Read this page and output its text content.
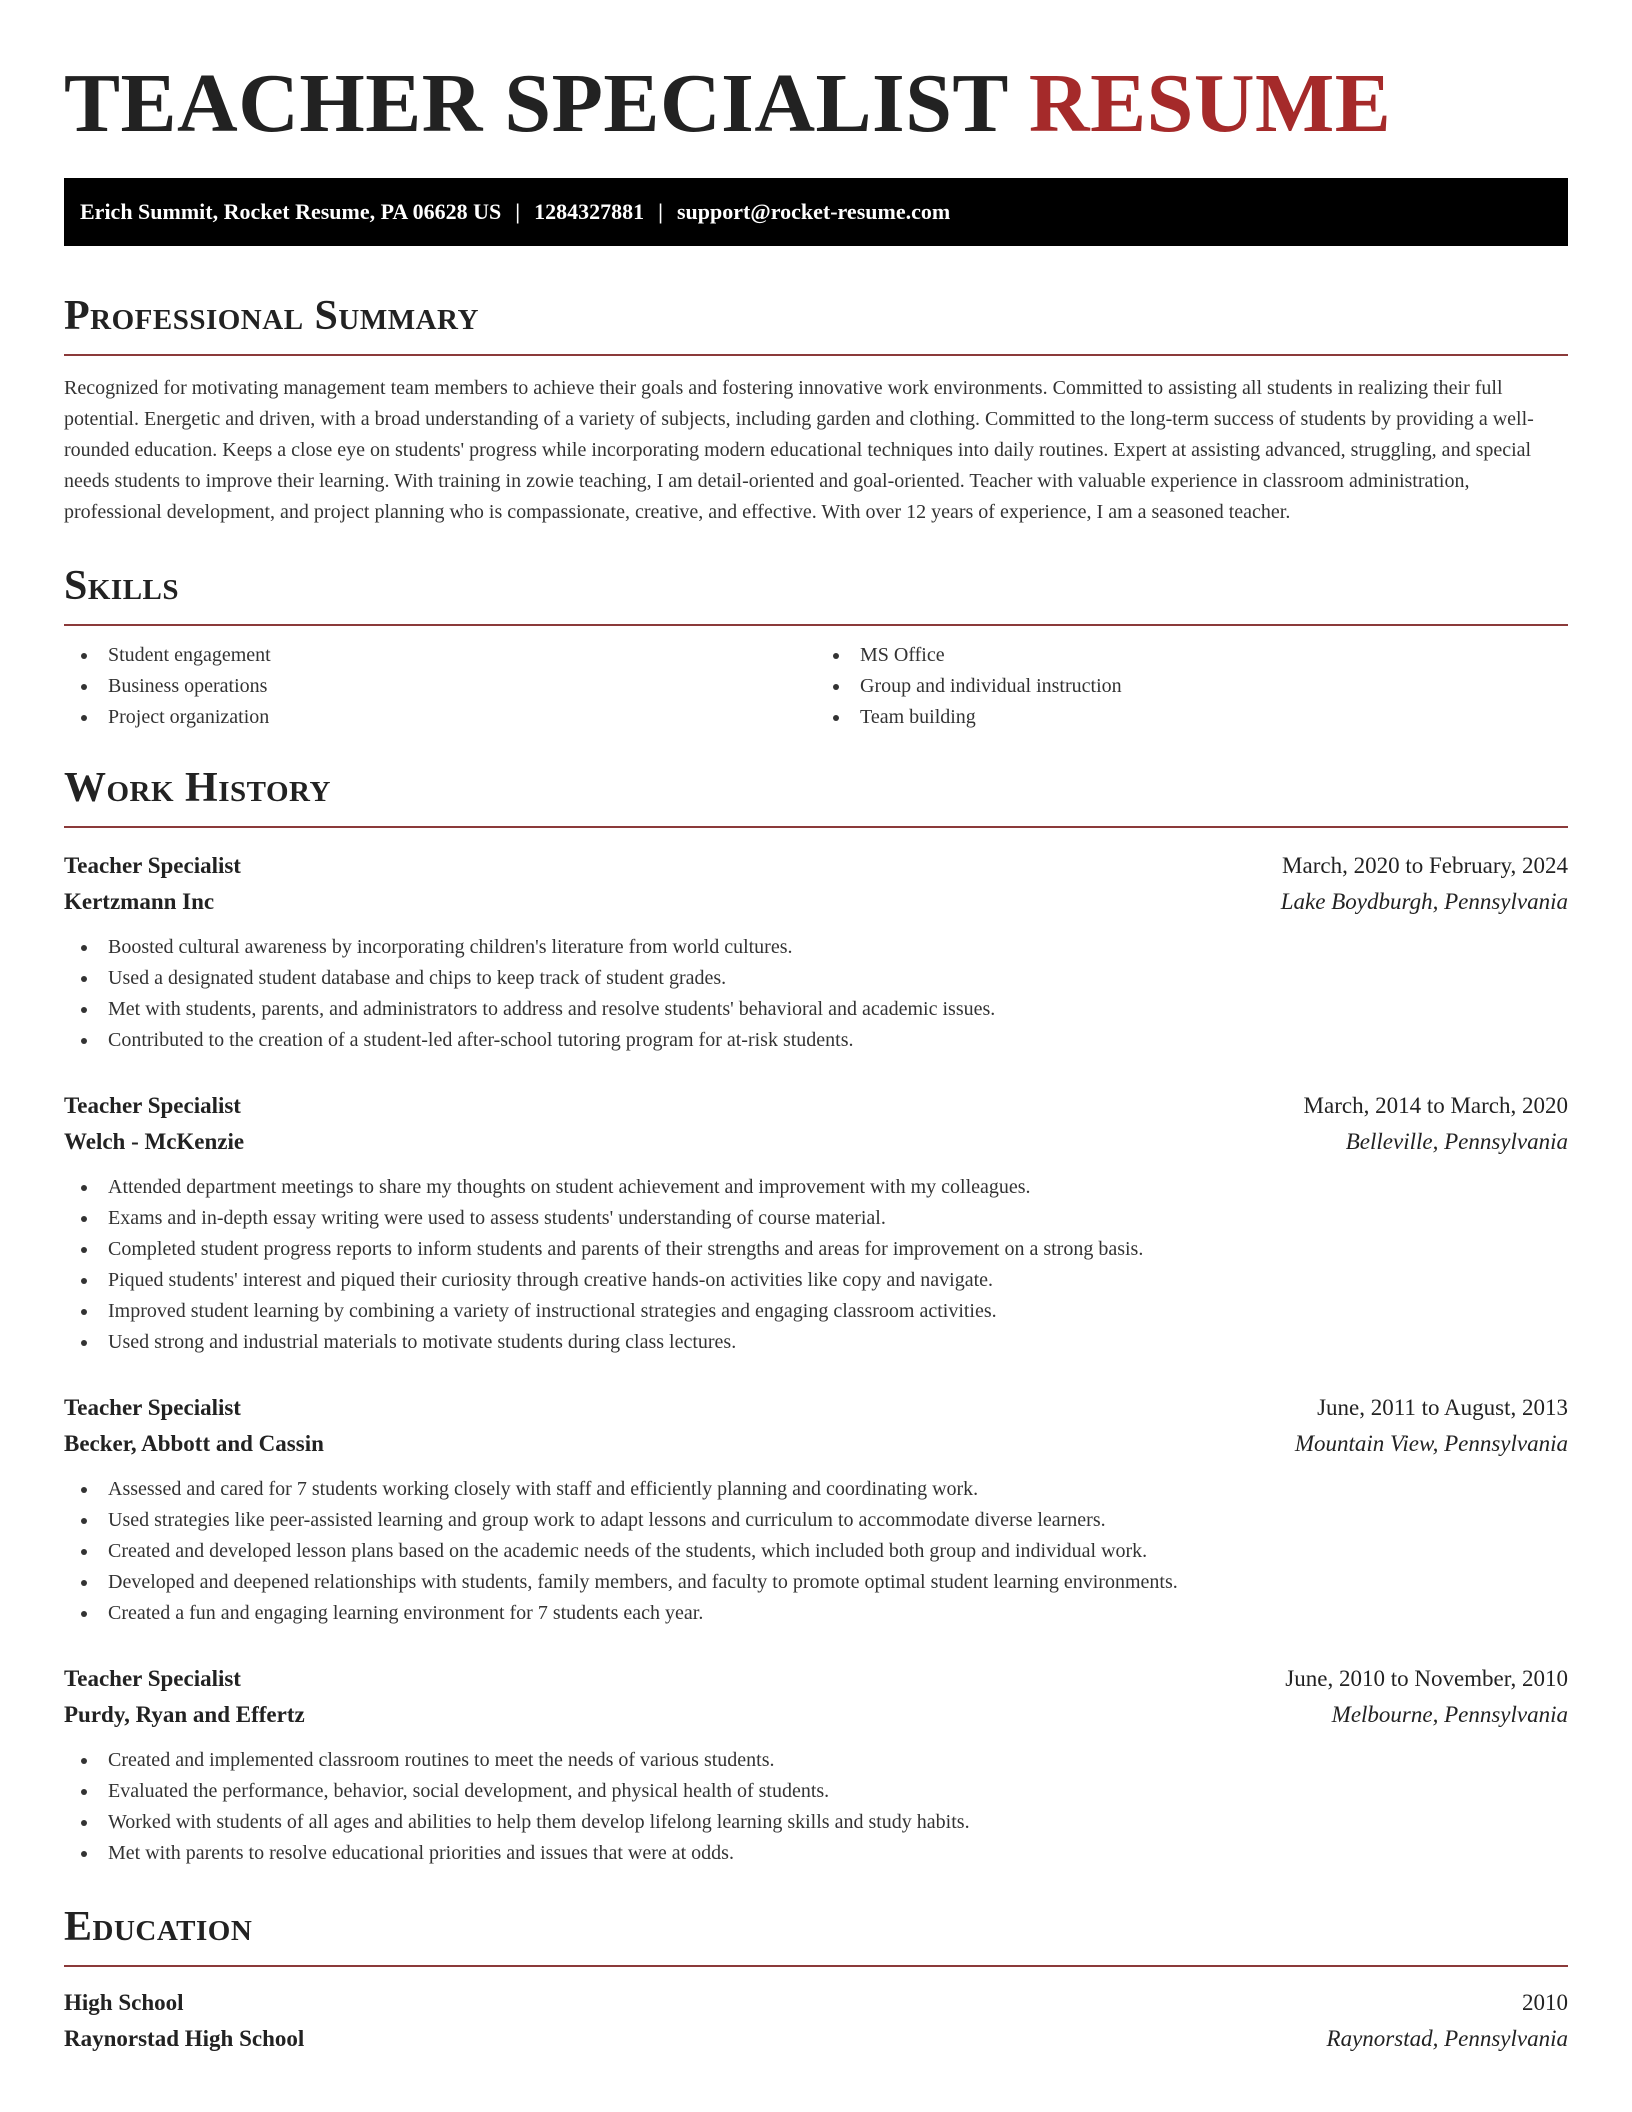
TEACHER SPECIALIST RESUME
Erich Summit, Rocket Resume, PA 06628 US | 1284327881 | support@rocket-resume.com
Professional Summary

Recognized for motivating management team members to achieve their goals and fostering innovative work environments. Committed to assisting all students in realizing their full potential. Energetic and driven, with a broad understanding of a variety of subjects, including garden and clothing. Committed to the long-term success of students by providing a well-rounded education. Keeps a close eye on students' progress while incorporating modern educational techniques into daily routines. Expert at assisting advanced, struggling, and special needs students to improve their learning. With training in zowie teaching, I am detail-oriented and goal-oriented. Teacher with valuable experience in classroom administration, professional development, and project planning who is compassionate, creative, and effective. With over 12 years of experience, I am a seasoned teacher.

Skills
Student engagement
Business operations
Project organization
MS Office
Group and individual instruction
Team building
Work History
Teacher Specialist	March, 2020 to February, 2024
Kertzmann Inc	Lake Boydburgh, Pennsylvania
Boosted cultural awareness by incorporating children's literature from world cultures.
Used a designated student database and chips to keep track of student grades.
Met with students, parents, and administrators to address and resolve students' behavioral and academic issues.
Contributed to the creation of a student-led after-school tutoring program for at-risk students.
Teacher Specialist	March, 2014 to March, 2020
Welch - McKenzie	Belleville, Pennsylvania
Attended department meetings to share my thoughts on student achievement and improvement with my colleagues.
Exams and in-depth essay writing were used to assess students' understanding of course material.
Completed student progress reports to inform students and parents of their strengths and areas for improvement on a strong basis.
Piqued students' interest and piqued their curiosity through creative hands-on activities like copy and navigate.
Improved student learning by combining a variety of instructional strategies and engaging classroom activities.
Used strong and industrial materials to motivate students during class lectures.
Teacher Specialist	June, 2011 to August, 2013
Becker, Abbott and Cassin	Mountain View, Pennsylvania
Assessed and cared for 7 students working closely with staff and efficiently planning and coordinating work.
Used strategies like peer-assisted learning and group work to adapt lessons and curriculum to accommodate diverse learners.
Created and developed lesson plans based on the academic needs of the students, which included both group and individual work.
Developed and deepened relationships with students, family members, and faculty to promote optimal student learning environments.
Created a fun and engaging learning environment for 7 students each year.
Teacher Specialist	June, 2010 to November, 2010
Purdy, Ryan and Effertz	Melbourne, Pennsylvania
Created and implemented classroom routines to meet the needs of various students.
Evaluated the performance, behavior, social development, and physical health of students.
Worked with students of all ages and abilities to help them develop lifelong learning skills and study habits.
Met with parents to resolve educational priorities and issues that were at odds.
Education
High School	2010
Raynorstad High School	Raynorstad, Pennsylvania
